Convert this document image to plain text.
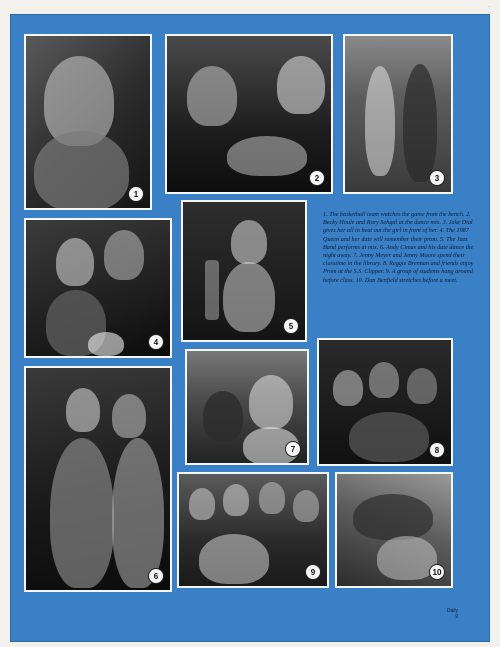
1
2	3
4
5
6
7	8
9	10
1. The basketball team watches the game from the bench. 2. Becky Houle and Rory Sehgal at the dance mix. 3. Jake Dial gives her all to beat out the girl in front of her. 4. The 1987 Queen and her date will remember their prom. 5. The Jazz Band performs at mix. 6. Andy Cimas and his date dance the night away. 7. Jenny Meyer and Jenny Moore spend their classtime in the library. 8. Reggie Brennan and friends enjoy Prom at the S.S. Clipper. 9. A group of students hang around before class. 10. Dan Benfield stretches before a meet.
Daily
9
·
